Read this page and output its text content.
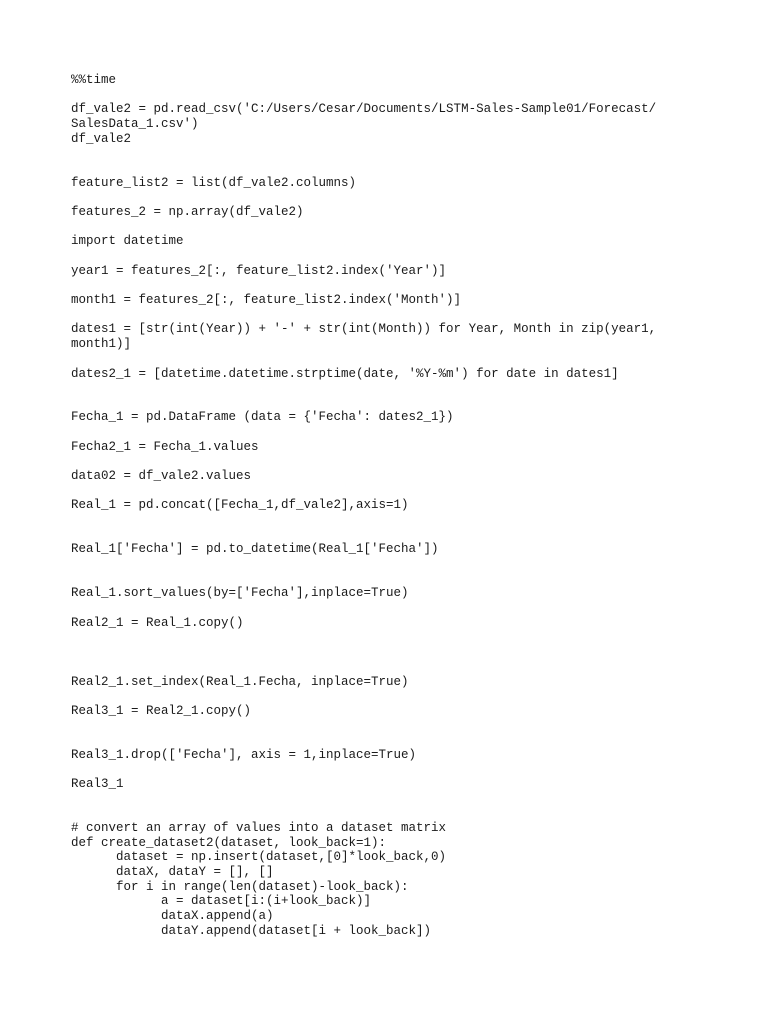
%%time
df_vale2 = pd.read_csv('C:/Users/Cesar/Documents/LSTM-Sales-Sample01/Forecast/
SalesData_1.csv')
df_vale2
feature_list2 = list(df_vale2.columns)
features_2 = np.array(df_vale2)
import datetime
year1 = features_2[:, feature_list2.index('Year')]
month1 = features_2[:, feature_list2.index('Month')]
dates1 = [str(int(Year)) + '-' + str(int(Month)) for Year, Month in zip(year1,
month1)]
dates2_1 = [datetime.datetime.strptime(date, '%Y-%m') for date in dates1]
Fecha_1 = pd.DataFrame (data = {'Fecha': dates2_1})
Fecha2_1 = Fecha_1.values
data02 = df_vale2.values
Real_1 = pd.concat([Fecha_1,df_vale2],axis=1)
Real_1['Fecha'] = pd.to_datetime(Real_1['Fecha'])
Real_1.sort_values(by=['Fecha'],inplace=True)
Real2_1 = Real_1.copy()
Real2_1.set_index(Real_1.Fecha, inplace=True)
Real3_1 = Real2_1.copy()
Real3_1.drop(['Fecha'], axis = 1,inplace=True)
Real3_1
# convert an array of values into a dataset matrix
def create_dataset2(dataset, look_back=1):
dataset = np.insert(dataset,[0]*look_back,0)
dataX, dataY = [], []
for i in range(len(dataset)-look_back):
a = dataset[i:(i+look_back)]
dataX.append(a)
dataY.append(dataset[i + look_back])
